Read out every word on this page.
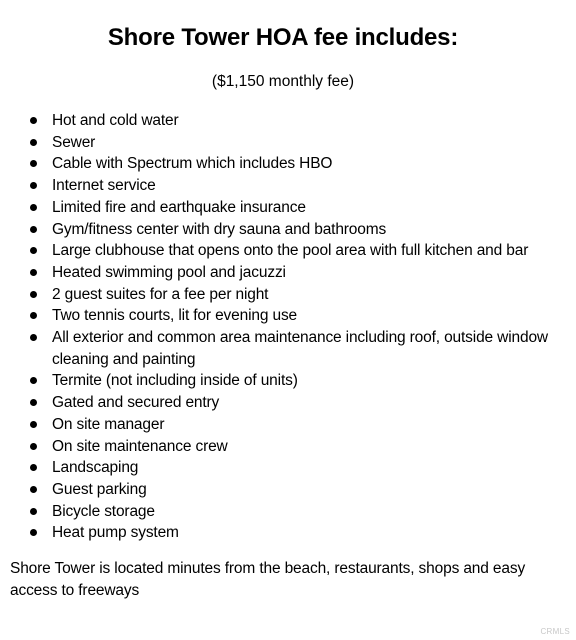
Shore Tower HOA fee includes:

($1,150 monthly fee)

Hot and cold water
Sewer
Cable with Spectrum which includes HBO
Internet service
Limited fire and earthquake insurance
Gym/fitness center with dry sauna and bathrooms
Large clubhouse that opens onto the pool area with full kitchen and bar
Heated swimming pool and jacuzzi
2 guest suites for a fee per night
Two tennis courts, lit for evening use
All exterior and common area maintenance including roof, outside window cleaning and painting
Termite (not including inside of units)
Gated and secured entry
On site manager
On site maintenance crew
Landscaping
Guest parking
Bicycle storage
Heat pump system

Shore Tower is located minutes from the beach, restaurants, shops and easy access to freeways

CRMLS
